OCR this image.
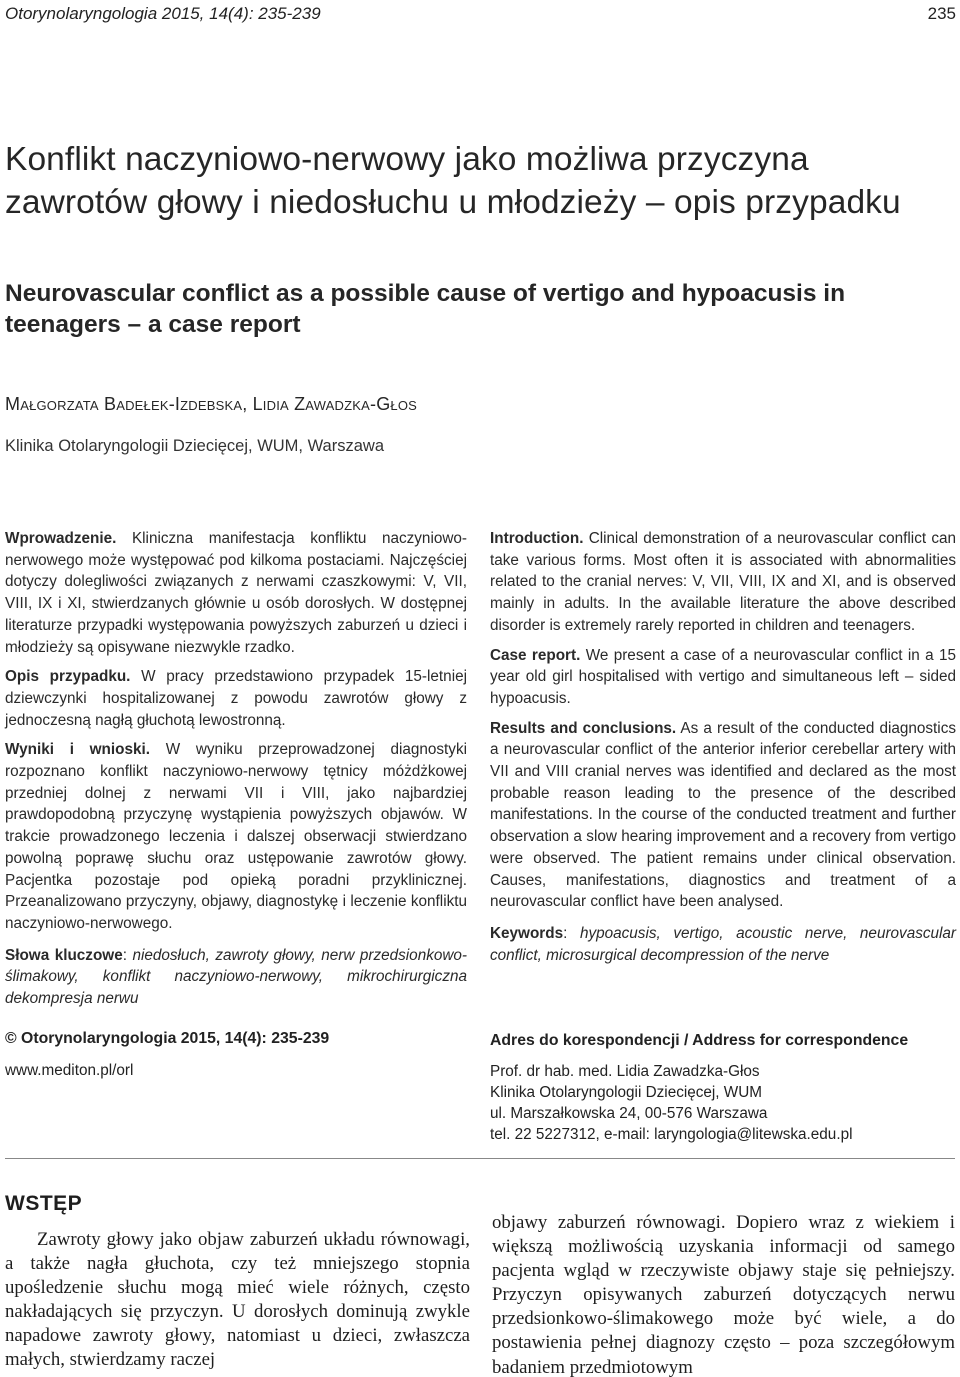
Otorynolaryngologia 2015, 14(4): 235-239	235
Konflikt naczyniowo-nerwowy jako możliwa przyczyna zawrotów głowy i niedosłuchu u młodzieży – opis przypadku
Neurovascular conflict as a possible cause of vertigo and hypoacusis in teenagers – a case report
Małgorzata Badełek-Izdebska, Lidia Zawadzka-Głos
Klinika Otolaryngologii Dziecięcej, WUM, Warszawa

Wprowadzenie. Kliniczna manifestacja konfliktu naczyniowo-nerwowego może występować pod kilkoma postaciami. Najczęściej dotyczy dolegliwości związanych z nerwami czaszkowymi: V, VII, VIII, IX i XI, stwierdzanych głównie u osób dorosłych. W dostępnej literaturze przypadki występowania powyższych zaburzeń u dzieci i młodzieży są opisywane niezwykle rzadko.

Opis przypadku. W pracy przedstawiono przypadek 15-letniej dziewczynki hospitalizowanej z powodu zawrotów głowy z jednoczesną nagłą głuchotą lewostronną.

Wyniki i wnioski. W wyniku przeprowadzonej diagnostyki rozpoznano konflikt naczyniowo-nerwowy tętnicy móżdżkowej przedniej dolnej z nerwami VII i VIII, jako najbardziej prawdopodobną przyczynę wystąpienia powyższych objawów. W trakcie prowadzonego leczenia i dalszej obserwacji stwierdzano powolną poprawę słuchu oraz ustępowanie zawrotów głowy. Pacjentka pozostaje pod opieką poradni przyklinicznej. Przeanalizowano przyczyny, objawy, diagnostykę i leczenie konfliktu naczyniowo-nerwowego.

Słowa kluczowe: niedosłuch, zawroty głowy, nerw przedsionkowo-ślimakowy, konflikt naczyniowo-nerwowy, mikrochirurgiczna dekompresja nerwu

Introduction. Clinical demonstration of a neurovascular conflict can take various forms. Most often it is associated with abnormalities related to the cranial nerves: V, VII, VIII, IX and XI, and is observed mainly in adults. In the available literature the above described disorder is extremely rarely reported in children and teenagers.

Case report. We present a case of a neurovascular conflict in a 15 year old girl hospitalised with vertigo and simultaneous left – sided hypoacusis.

Results and conclusions. As a result of the conducted diagnostics a neurovascular conflict of the anterior inferior cerebellar artery with VII and VIII cranial nerves was identified and declared as the most probable reason leading to the presence of the described manifestations. In the course of the conducted treatment and further observation a slow hearing improvement and a recovery from vertigo were observed. The patient remains under clinical observation. Causes, manifestations, diagnostics and treatment of a neurovascular conflict have been analysed.

Keywords: hypoacusis, vertigo, acoustic nerve, neurovascular conflict, microsurgical decompression of the nerve
© Otorynolaryngologia 2015, 14(4): 235-239
www.mediton.pl/orl
Adres do korespondencji / Address for correspondence
Prof. dr hab. med. Lidia Zawadzka-Głos
Klinika Otolaryngologii Dziecięcej, WUM
ul. Marszałkowska 24, 00-576 Warszawa
tel. 22 5227312, e-mail: laryngologia@litewska.edu.pl
WSTĘP
Zawroty głowy jako objaw zaburzeń układu równowagi, a także nagła głuchota, czy też mniejszego stopnia upośledzenie słuchu mogą mieć wiele różnych, często nakładających się przyczyn. U dorosłych dominują zwykle napadowe zawroty głowy, natomiast u dzieci, zwłaszcza małych, stwierdzamy raczej
objawy zaburzeń równowagi. Dopiero wraz z wiekiem i większą możliwością uzyskania informacji od samego pacjenta wgląd w rzeczywiste objawy staje się pełniejszy. Przyczyn opisywanych zaburzeń dotyczących nerwu przedsionkowo-ślimakowego może być wiele, a do postawienia pełnej diagnozy często – poza szczegółowym badaniem przedmiotowym
